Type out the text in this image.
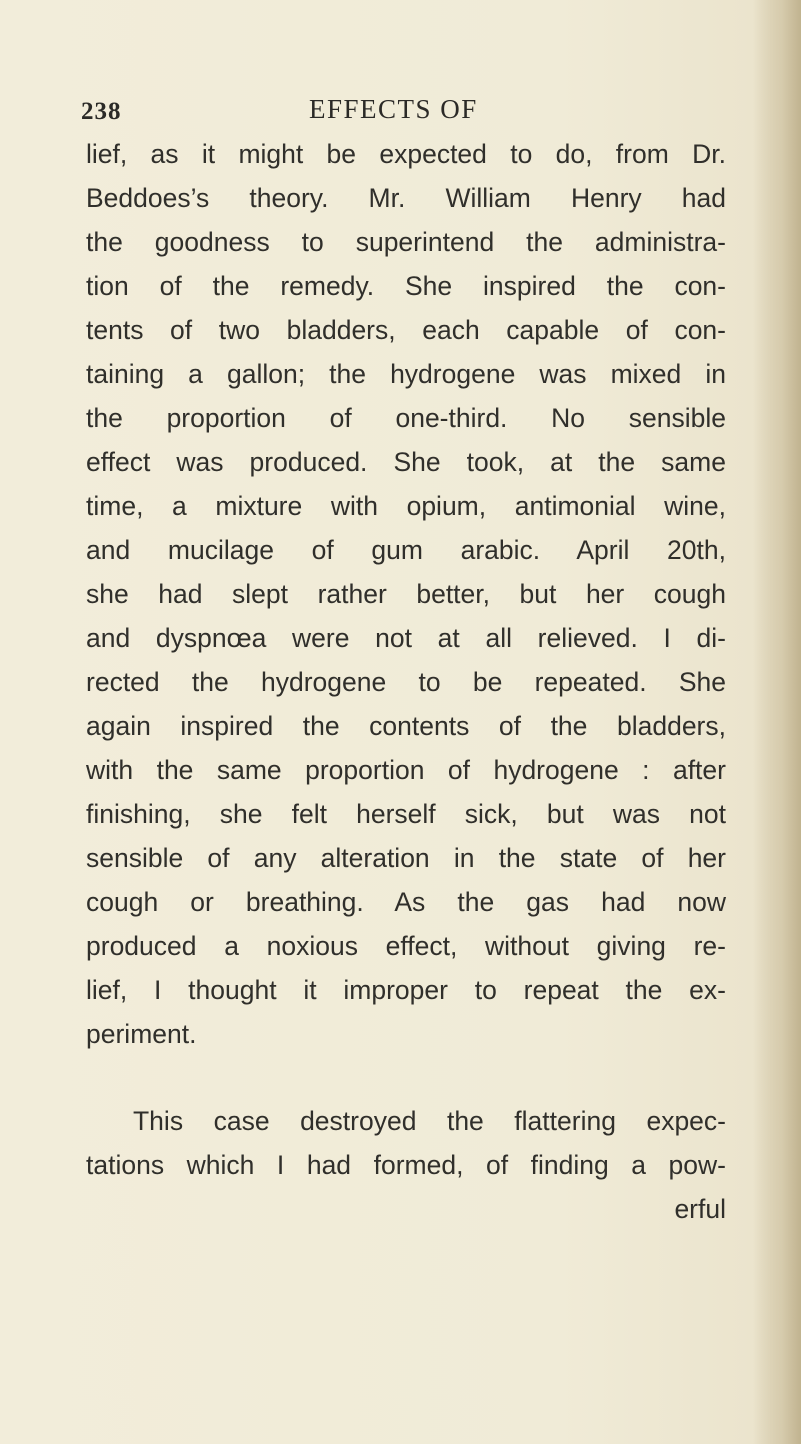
238	EFFECTS OF
lief, as it might be expected to do, from Dr.
Beddoes’s theory. Mr. William Henry had
the goodness to superintend the administra-
tion of the remedy. She inspired the con-
tents of two bladders, each capable of con-
taining a gallon; the hydrogene was mixed in
the proportion of one-third. No sensible
effect was produced. She took, at the same
time, a mixture with opium, antimonial wine,
and mucilage of gum arabic. April 20th,
she had slept rather better, but her cough
and dyspnœa were not at all relieved. I di-
rected the hydrogene to be repeated. She
again inspired the contents of the bladders,
with the same proportion of hydrogene : after
finishing, she felt herself sick, but was not
sensible of any alteration in the state of her
cough or breathing. As the gas had now
produced a noxious effect, without giving re-
lief, I thought it improper to repeat the ex-
periment.
This case destroyed the flattering expec-
tations which I had formed, of finding a pow-
erful
